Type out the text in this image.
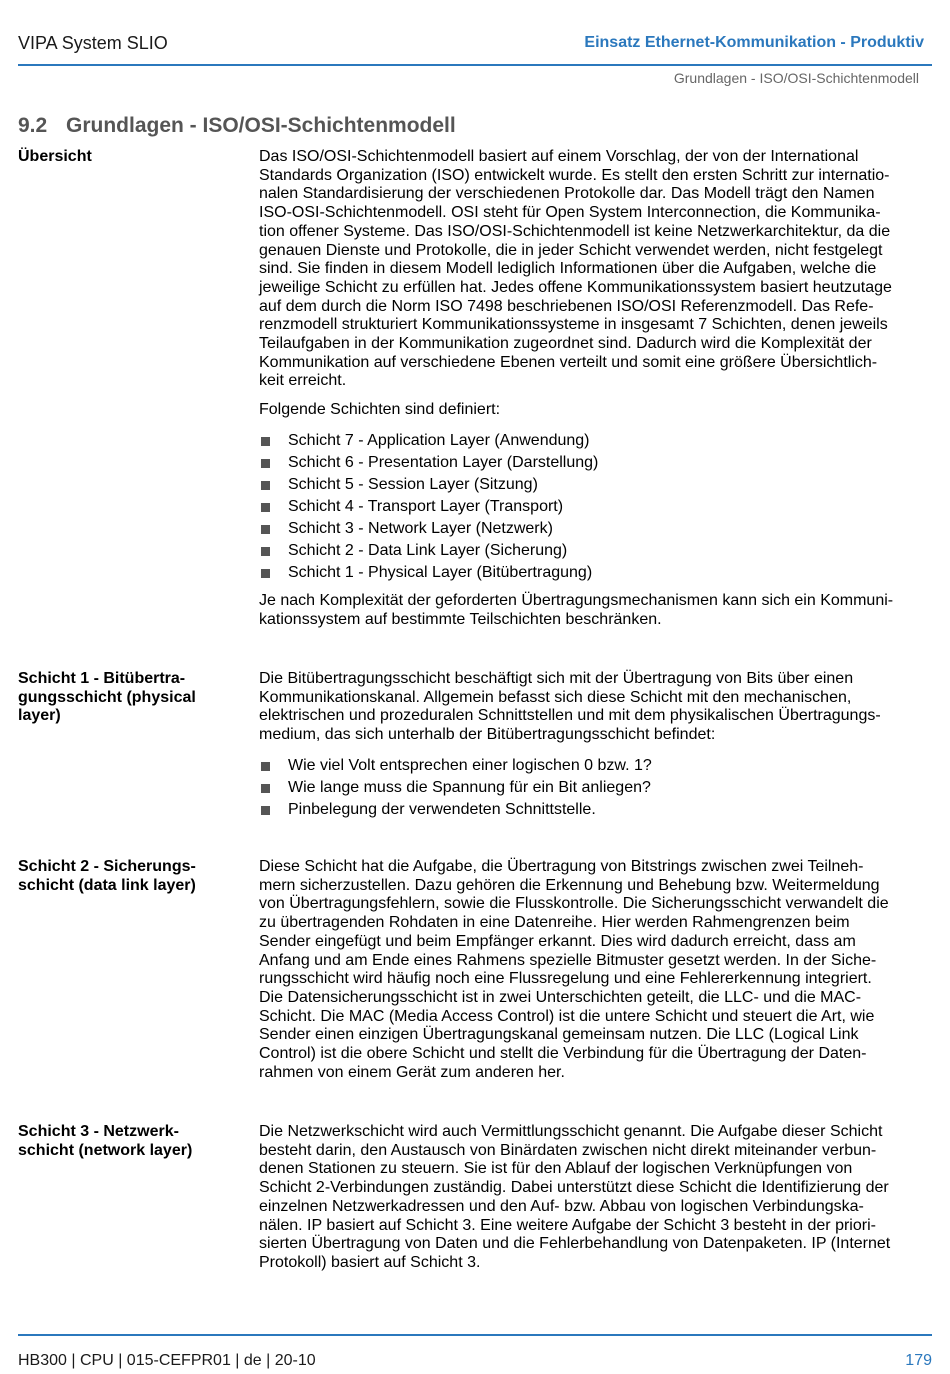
VIPA System SLIO	Einsatz Ethernet-Kommunikation - Produktiv
Grundlagen - ISO/OSI-Schichtenmodell
9.2 Grundlagen - ISO/OSI-Schichtenmodell
Übersicht	Das ISO/OSI-Schichtenmodell basiert auf einem Vorschlag, der von der International
Standards Organization (ISO) entwickelt wurde. Es stellt den ersten Schritt zur internatio-
nalen Standardisierung der verschiedenen Protokolle dar. Das Modell trägt den Namen
ISO-OSI-Schichtenmodell. OSI steht für Open System Interconnection, die Kommunika-
tion offener Systeme. Das ISO/OSI-Schichtenmodell ist keine Netzwerkarchitektur, da die
genauen Dienste und Protokolle, die in jeder Schicht verwendet werden, nicht festgelegt
sind. Sie finden in diesem Modell lediglich Informationen über die Aufgaben, welche die
jeweilige Schicht zu erfüllen hat. Jedes offene Kommunikationssystem basiert heutzutage
auf dem durch die Norm ISO 7498 beschriebenen ISO/OSI Referenzmodell. Das Refe-
renzmodell strukturiert Kommunikationssysteme in insgesamt 7 Schichten, denen jeweils
Teilaufgaben in der Kommunikation zugeordnet sind. Dadurch wird die Komplexität der
Kommunikation auf verschiedene Ebenen verteilt und somit eine größere Übersichtlich-
keit erreicht.

Folgende Schichten sind definiert:

Schicht 7 - Application Layer (Anwendung)
Schicht 6 - Presentation Layer (Darstellung)
Schicht 5 - Session Layer (Sitzung)
Schicht 4 - Transport Layer (Transport)
Schicht 3 - Network Layer (Netzwerk)
Schicht 2 - Data Link Layer (Sicherung)
Schicht 1 - Physical Layer (Bitübertragung)

Je nach Komplexität der geforderten Übertragungsmechanismen kann sich ein Kommuni-
kationssystem auf bestimmte Teilschichten beschränken.

Schicht 1 - Bitübertra-
gungsschicht (physical
layer)

Die Bitübertragungsschicht beschäftigt sich mit der Übertragung von Bits über einen
Kommunikationskanal. Allgemein befasst sich diese Schicht mit den mechanischen,
elektrischen und prozeduralen Schnittstellen und mit dem physikalischen Übertragungs-
medium, das sich unterhalb der Bitübertragungsschicht befindet:

Wie viel Volt entsprechen einer logischen 0 bzw. 1?
Wie lange muss die Spannung für ein Bit anliegen?
Pinbelegung der verwendeten Schnittstelle.
Schicht 2 - Sicherungs-
schicht (data link layer)

Diese Schicht hat die Aufgabe, die Übertragung von Bitstrings zwischen zwei Teilneh-
mern sicherzustellen. Dazu gehören die Erkennung und Behebung bzw. Weitermeldung
von Übertragungsfehlern, sowie die Flusskontrolle. Die Sicherungsschicht verwandelt die
zu übertragenden Rohdaten in eine Datenreihe. Hier werden Rahmengrenzen beim
Sender eingefügt und beim Empfänger erkannt. Dies wird dadurch erreicht, dass am
Anfang und am Ende eines Rahmens spezielle Bitmuster gesetzt werden. In der Siche-
rungsschicht wird häufig noch eine Flussregelung und eine Fehlererkennung integriert.
Die Datensicherungsschicht ist in zwei Unterschichten geteilt, die LLC- und die MAC-
Schicht. Die MAC (Media Access Control) ist die untere Schicht und steuert die Art, wie
Sender einen einzigen Übertragungskanal gemeinsam nutzen. Die LLC (Logical Link
Control) ist die obere Schicht und stellt die Verbindung für die Übertragung der Daten-
rahmen von einem Gerät zum anderen her.

Schicht 3 - Netzwerk-
schicht (network layer)

Die Netzwerkschicht wird auch Vermittlungsschicht genannt. Die Aufgabe dieser Schicht
besteht darin, den Austausch von Binärdaten zwischen nicht direkt miteinander verbun-
denen Stationen zu steuern. Sie ist für den Ablauf der logischen Verknüpfungen von
Schicht 2-Verbindungen zuständig. Dabei unterstützt diese Schicht die Identifizierung der
einzelnen Netzwerkadressen und den Auf- bzw. Abbau von logischen Verbindungska-
nälen. IP basiert auf Schicht 3. Eine weitere Aufgabe der Schicht 3 besteht in der priori-
sierten Übertragung von Daten und die Fehlerbehandlung von Datenpaketen. IP (Internet
Protokoll) basiert auf Schicht 3.

HB300 | CPU | 015-CEFPR01 | de | 20-10	179
